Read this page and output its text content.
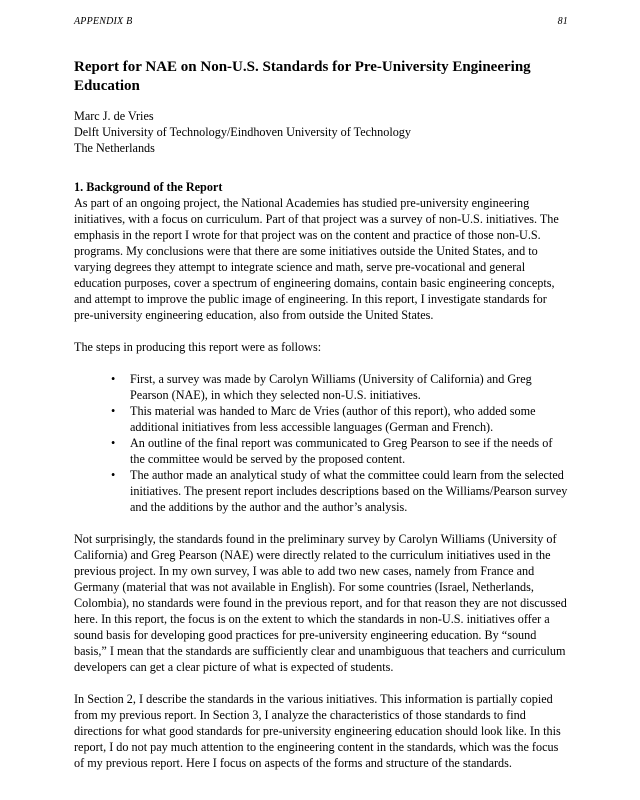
APPENDIX B	81
Report for NAE on Non-U.S. Standards for Pre-University Engineering Education
Marc J. de Vries
Delft University of Technology/Eindhoven University of Technology
The Netherlands
1. Background of the Report

As part of an ongoing project, the National Academies has studied pre-university engineering initiatives, with a focus on curriculum. Part of that project was a survey of non-U.S. initiatives. The emphasis in the report I wrote for that project was on the content and practice of those non-U.S. programs. My conclusions were that there are some initiatives outside the United States, and to varying degrees they attempt to integrate science and math, serve pre-vocational and general education purposes, cover a spectrum of engineering domains, contain basic engineering concepts, and attempt to improve the public image of engineering. In this report, I investigate standards for pre-university engineering education, also from outside the United States.

The steps in producing this report were as follows:

• First, a survey was made by Carolyn Williams (University of California) and Greg Pearson (NAE), in which they selected non-U.S. initiatives.
• This material was handed to Marc de Vries (author of this report), who added some additional initiatives from less accessible languages (German and French).
• An outline of the final report was communicated to Greg Pearson to see if the needs of the committee would be served by the proposed content.
• The author made an analytical study of what the committee could learn from the selected initiatives. The present report includes descriptions based on the Williams/Pearson survey and the additions by the author and the author’s analysis.

Not surprisingly, the standards found in the preliminary survey by Carolyn Williams (University of California) and Greg Pearson (NAE) were directly related to the curriculum initiatives used in the previous project. In my own survey, I was able to add two new cases, namely from France and Germany (material that was not available in English). For some countries (Israel, Netherlands, Colombia), no standards were found in the previous report, and for that reason they are not discussed here. In this report, the focus is on the extent to which the standards in non-U.S. initiatives offer a sound basis for developing good practices for pre-university engineering education. By “sound basis,” I mean that the standards are sufficiently clear and unambiguous that teachers and curriculum developers can get a clear picture of what is expected of students.

In Section 2, I describe the standards in the various initiatives. This information is partially copied from my previous report. In Section 3, I analyze the characteristics of those standards to find directions for what good standards for pre-university engineering education should look like. In this report, I do not pay much attention to the engineering content in the standards, which was the focus of my previous report. Here I focus on aspects of the forms and structure of the standards.
